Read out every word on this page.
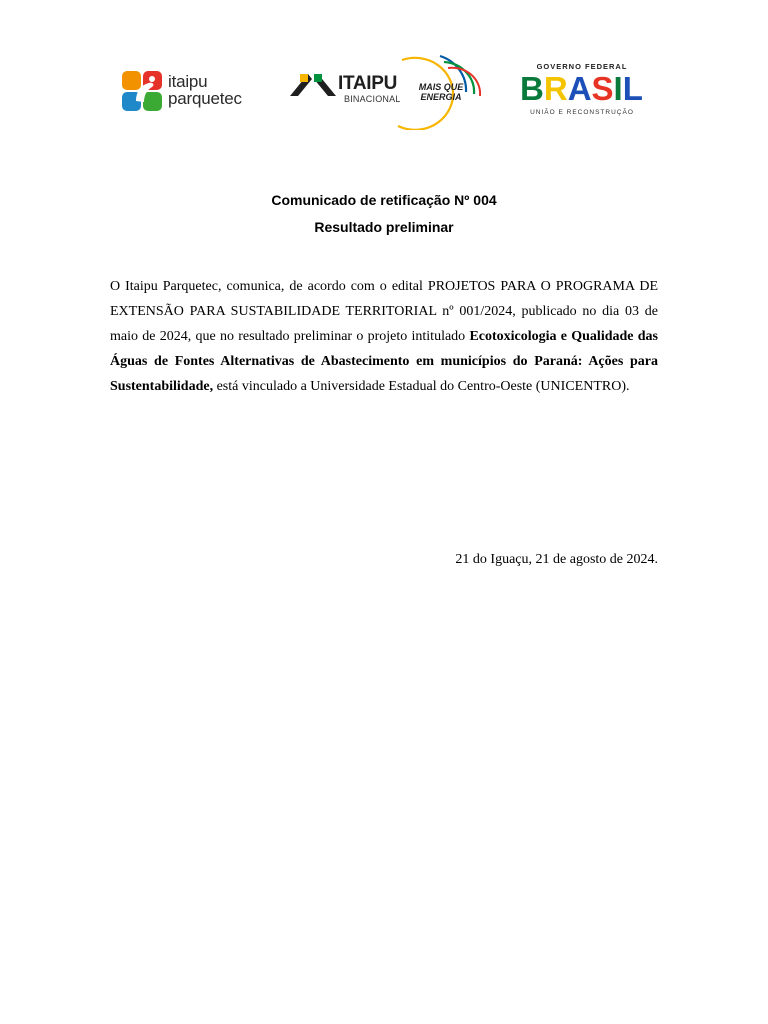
itaipu
parquetec
ITAIPU
BINACIONAL
MAIS QUE
ENERGIA
GOVERNO FEDERAL
BRASIL
UNIÃO E RECONSTRUÇÃO
Comunicado de retificação Nº 004
Resultado preliminar
O Itaipu Parquetec, comunica, de acordo com o edital PROJETOS PARA O PROGRAMA DE EXTENSÃO PARA SUSTABILIDADE TERRITORIAL nº 001/2024, publicado no dia 03 de maio de 2024, que no resultado preliminar o projeto intitulado Ecotoxicologia e Qualidade das Águas de Fontes Alternativas de Abastecimento em municípios do Paraná: Ações para Sustentabilidade, está vinculado a Universidade Estadual do Centro-Oeste (UNICENTRO).
21 do Iguaçu, 21 de agosto de 2024.
